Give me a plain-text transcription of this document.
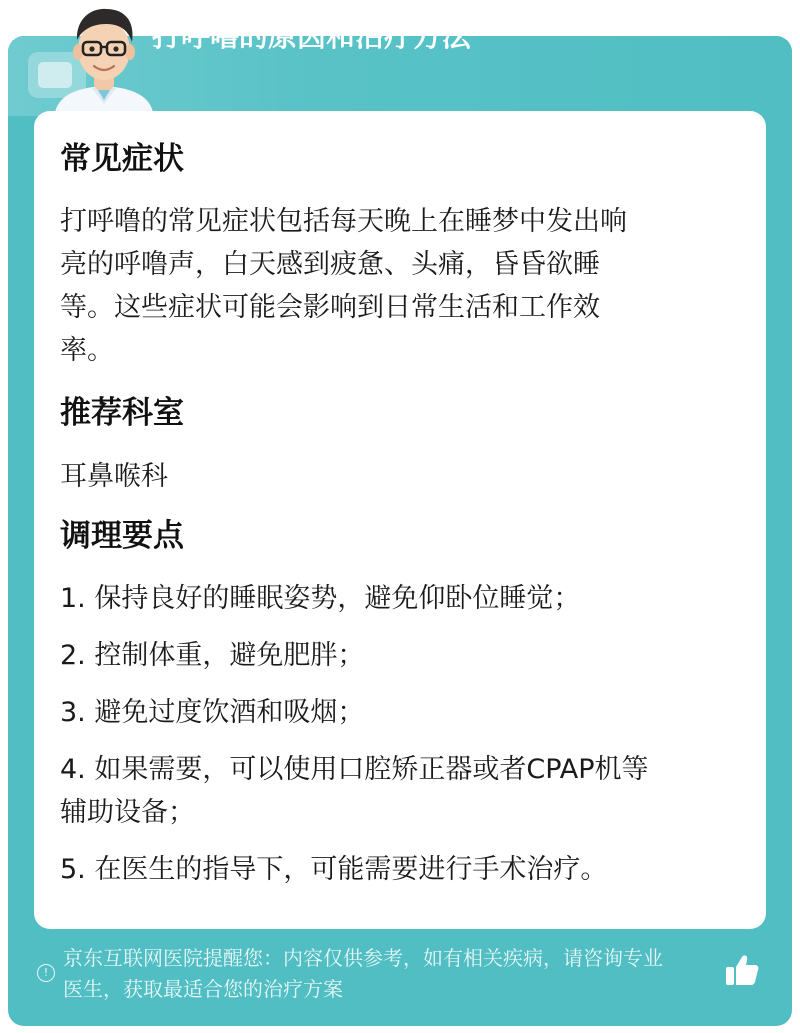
打呼噜的原因和治疗方法
常见症状
打呼噜的常见症状包括每天晚上在睡梦中发出响
亮的呼噜声，白天感到疲惫、头痛，昏昏欲睡
等。这些症状可能会影响到日常生活和工作效
率。
推荐科室
耳鼻喉科
调理要点
1. 保持良好的睡眠姿势，避免仰卧位睡觉；
2. 控制体重，避免肥胖；
3. 避免过度饮酒和吸烟；
4. 如果需要，可以使用口腔矫正器或者CPAP机等
辅助设备；
5. 在医生的指导下，可能需要进行手术治疗。
!
京东互联网医院提醒您：内容仅供参考，如有相关疾病，请咨询专业
医生，获取最适合您的治疗方案
